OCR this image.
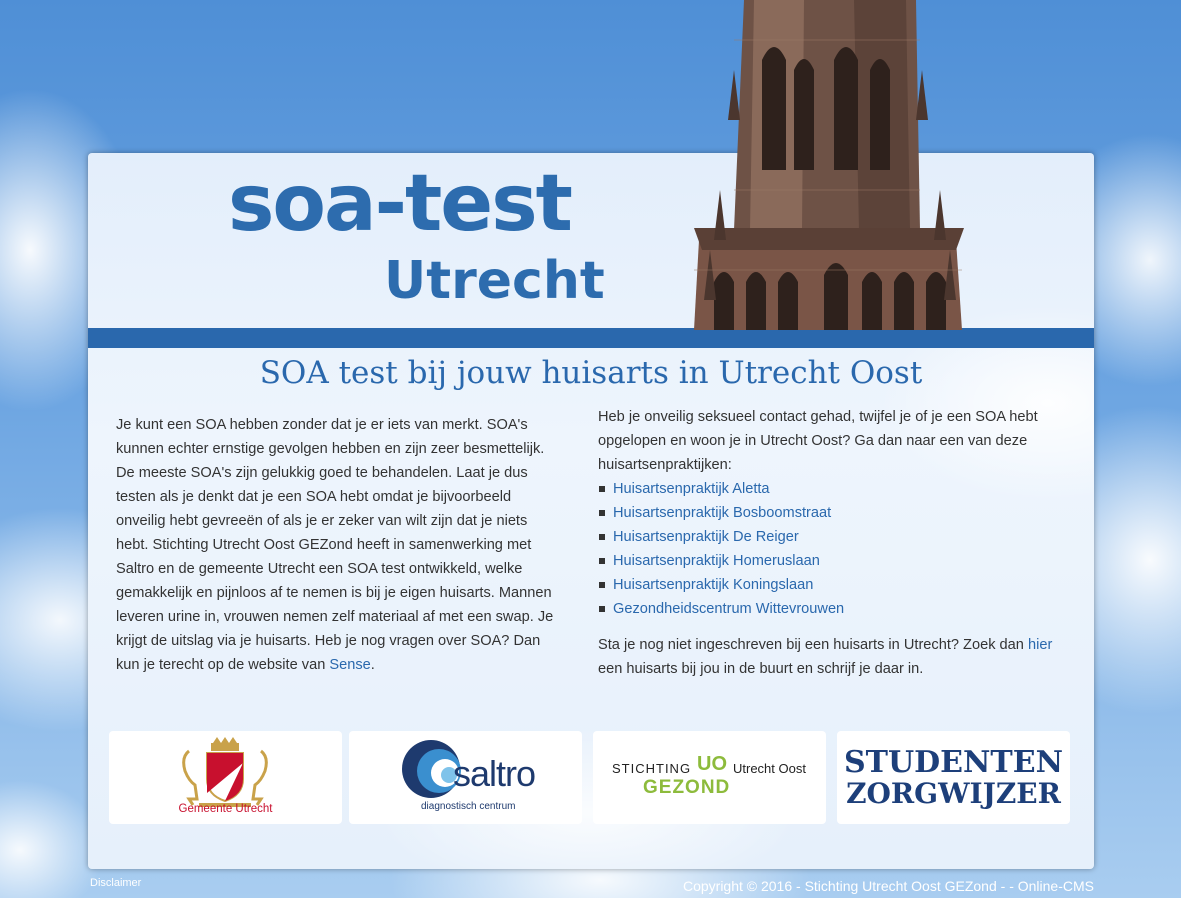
soa-test
Utrecht
SOA test bij jouw huisarts in Utrecht Oost
Je kunt een SOA hebben zonder dat je er iets van merkt. SOA's kunnen echter ernstige gevolgen hebben en zijn zeer besmettelijk. De meeste SOA's zijn gelukkig goed te behandelen. Laat je dus testen als je denkt dat je een SOA hebt omdat je bijvoorbeeld onveilig hebt gevreeën of als je er zeker van wilt zijn dat je niets hebt. Stichting Utrecht Oost GEZond heeft in samenwerking met Saltro en de gemeente Utrecht een SOA test ontwikkeld, welke gemakkelijk en pijnloos af te nemen is bij je eigen huisarts. Mannen leveren urine in, vrouwen nemen zelf materiaal af met een swap. Je krijgt de uitslag via je huisarts. Heb je nog vragen over SOA? Dan kun je terecht op de website van Sense.

Heb je onveilig seksueel contact gehad, twijfel je of je een SOA hebt opgelopen en woon je in Utrecht Oost? Ga dan naar een van deze huisartsenpraktijken:

Huisartsenpraktijk Aletta
Huisartsenpraktijk Bosboomstraat
Huisartsenpraktijk De Reiger
Huisartsenpraktijk Homeruslaan
Huisartsenpraktijk Koningslaan
Gezondheidscentrum Wittevrouwen

Sta je nog niet ingeschreven bij een huisarts in Utrecht? Zoek dan hier een huisarts bij jou in de buurt en schrijf je daar in.

Gemeente Utrecht
saltro
diagnostisch centrum
STICHTING UO Utrecht Oost
GEZOND
STUDENTEN
ZORGWIJZER
Disclaimer	Copyright © 2016 - Stichting Utrecht Oost GEZond - - Online-CMS
